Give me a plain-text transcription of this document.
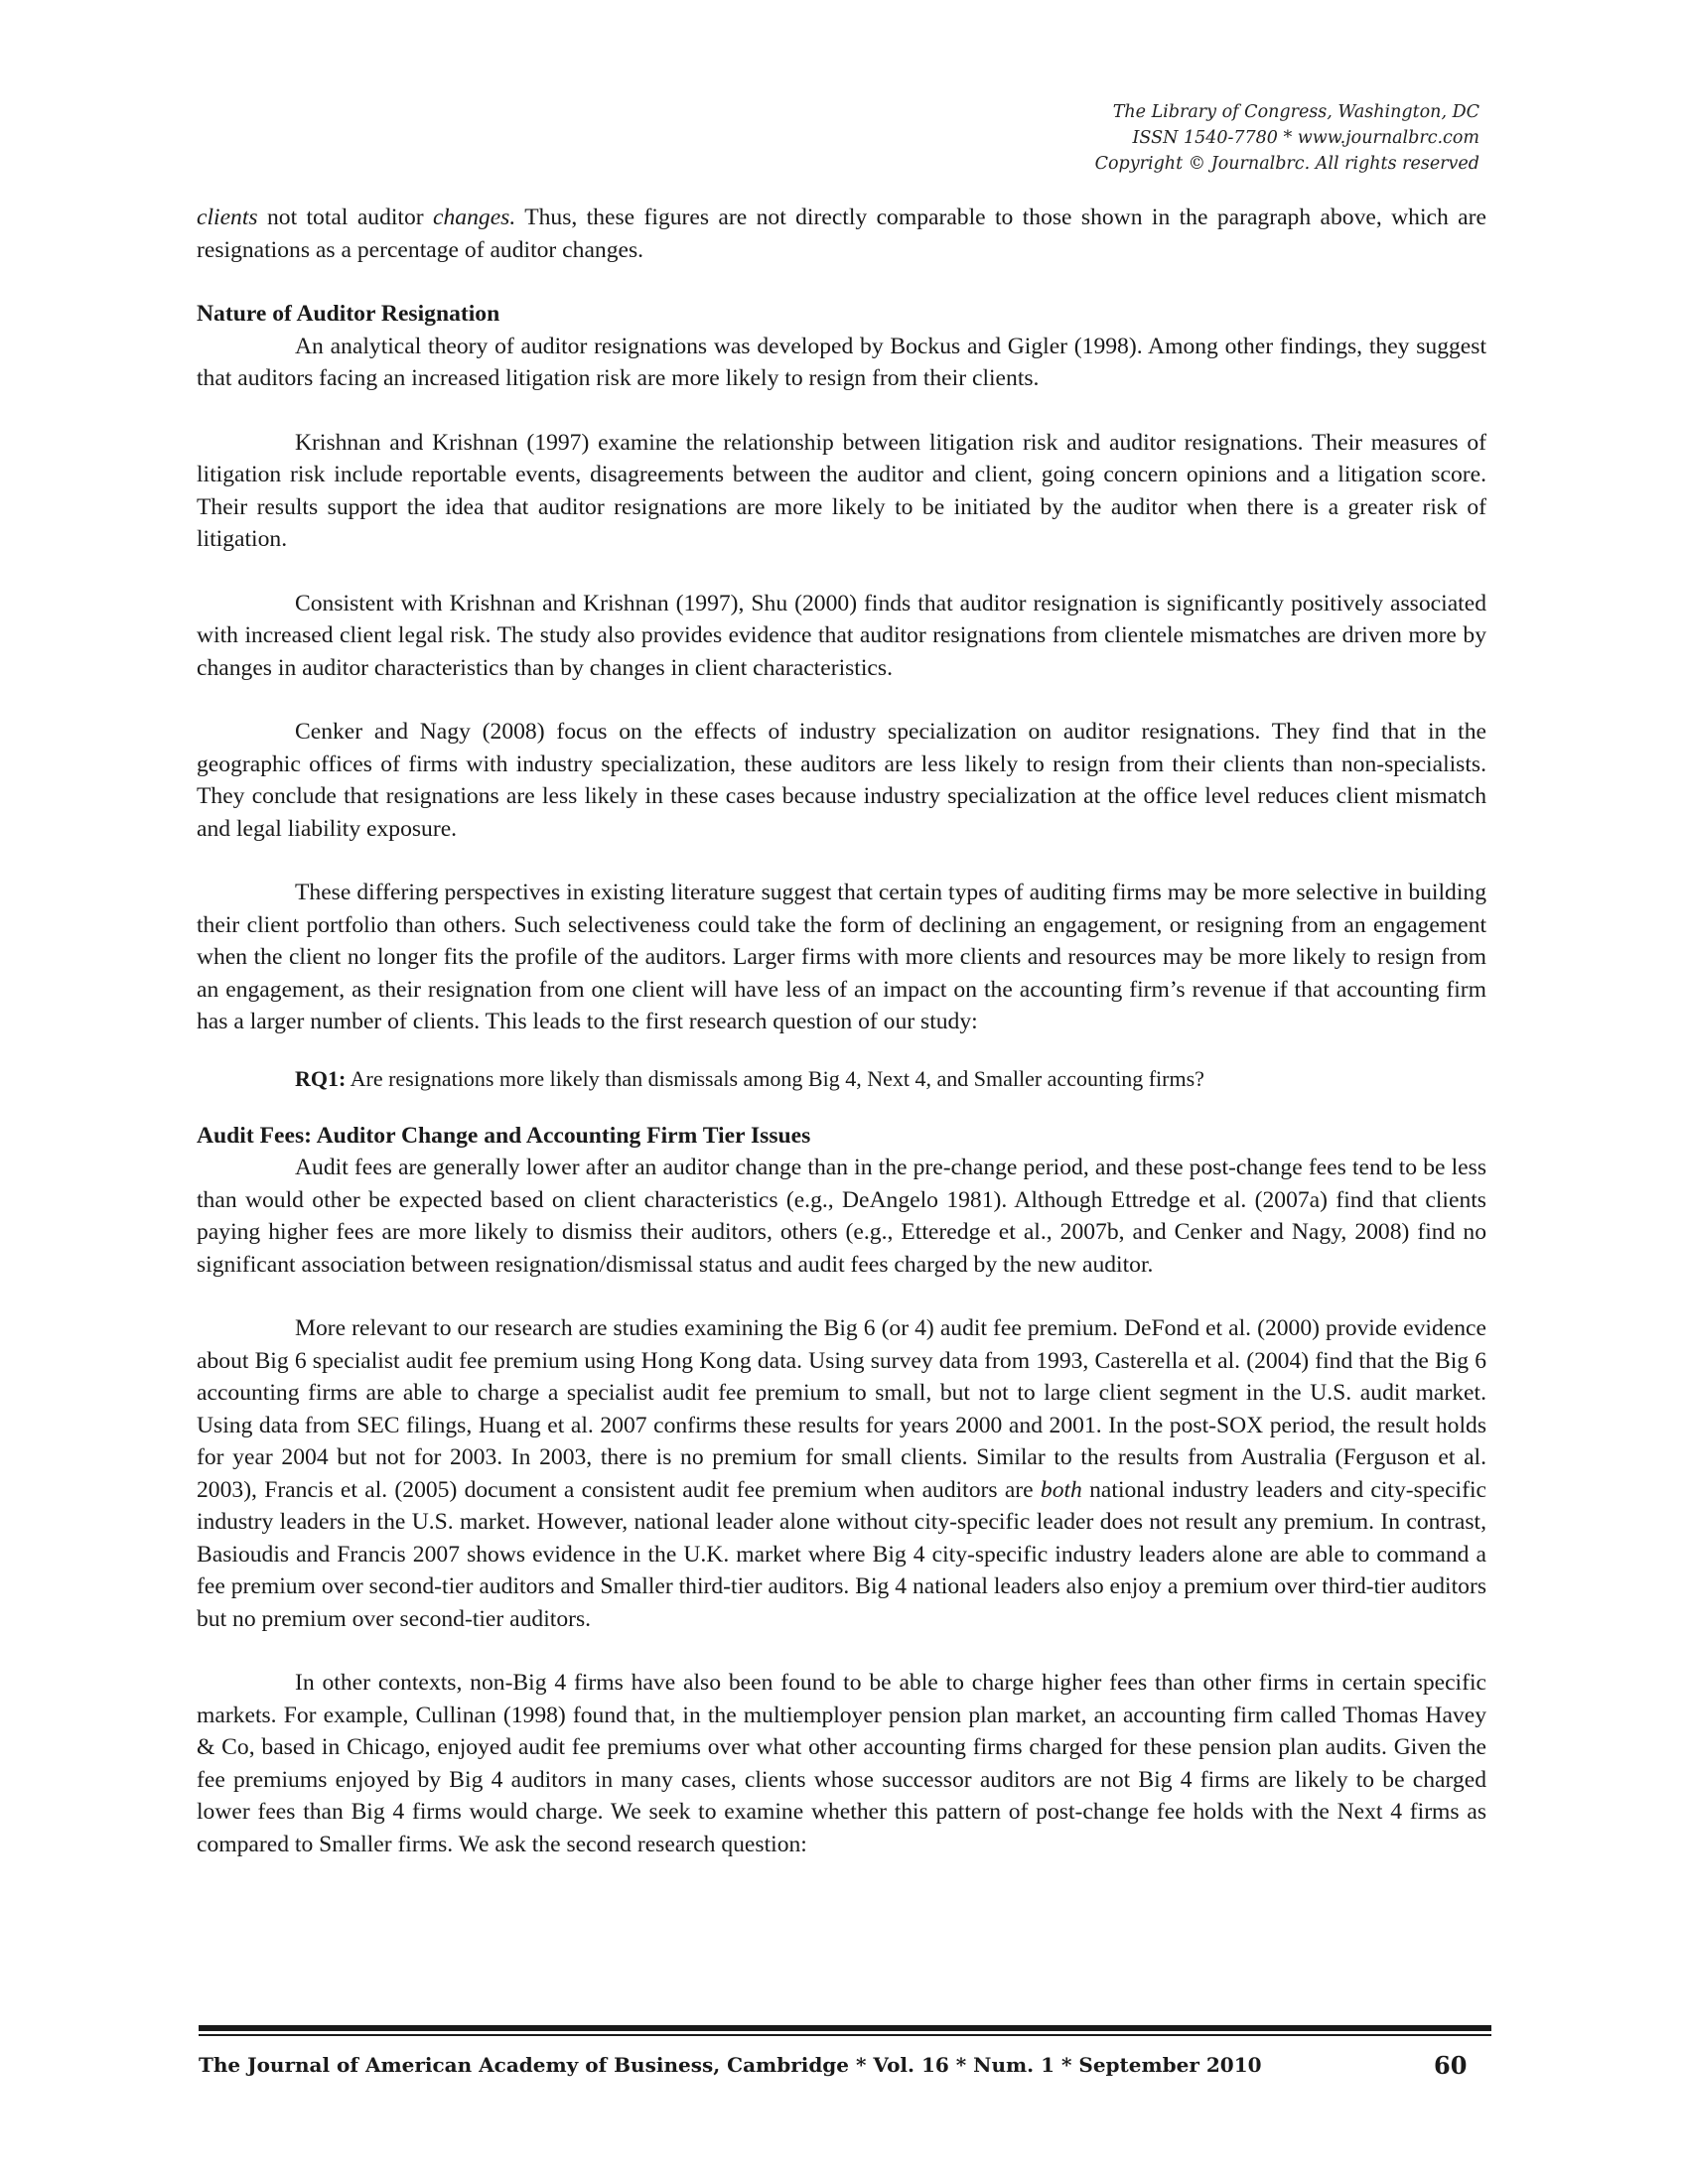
The Library of Congress, Washington, DC
ISSN 1540-7780 * www.journalbrc.com
Copyright © Journalbrc. All rights reserved

clients not total auditor changes. Thus, these figures are not directly comparable to those shown in the paragraph above, which are resignations as a percentage of auditor changes.

Nature of Auditor Resignation

An analytical theory of auditor resignations was developed by Bockus and Gigler (1998). Among other findings, they suggest that auditors facing an increased litigation risk are more likely to resign from their clients.

Krishnan and Krishnan (1997) examine the relationship between litigation risk and auditor resignations. Their measures of litigation risk include reportable events, disagreements between the auditor and client, going concern opinions and a litigation score. Their results support the idea that auditor resignations are more likely to be initiated by the auditor when there is a greater risk of litigation.

Consistent with Krishnan and Krishnan (1997), Shu (2000) finds that auditor resignation is significantly positively associated with increased client legal risk. The study also provides evidence that auditor resignations from clientele mismatches are driven more by changes in auditor characteristics than by changes in client characteristics.

Cenker and Nagy (2008) focus on the effects of industry specialization on auditor resignations. They find that in the geographic offices of firms with industry specialization, these auditors are less likely to resign from their clients than non-specialists. They conclude that resignations are less likely in these cases because industry specialization at the office level reduces client mismatch and legal liability exposure.

These differing perspectives in existing literature suggest that certain types of auditing firms may be more selective in building their client portfolio than others. Such selectiveness could take the form of declining an engagement, or resigning from an engagement when the client no longer fits the profile of the auditors. Larger firms with more clients and resources may be more likely to resign from an engagement, as their resignation from one client will have less of an impact on the accounting firm’s revenue if that accounting firm has a larger number of clients. This leads to the first research question of our study:

RQ1: Are resignations more likely than dismissals among Big 4, Next 4, and Smaller accounting firms?

Audit Fees: Auditor Change and Accounting Firm Tier Issues

Audit fees are generally lower after an auditor change than in the pre-change period, and these post-change fees tend to be less than would other be expected based on client characteristics (e.g., DeAngelo 1981). Although Ettredge et al. (2007a) find that clients paying higher fees are more likely to dismiss their auditors, others (e.g., Etteredge et al., 2007b, and Cenker and Nagy, 2008) find no significant association between resignation/dismissal status and audit fees charged by the new auditor.

More relevant to our research are studies examining the Big 6 (or 4) audit fee premium. DeFond et al. (2000) provide evidence about Big 6 specialist audit fee premium using Hong Kong data. Using survey data from 1993, Casterella et al. (2004) find that the Big 6 accounting firms are able to charge a specialist audit fee premium to small, but not to large client segment in the U.S. audit market. Using data from SEC filings, Huang et al. 2007 confirms these results for years 2000 and 2001. In the post-SOX period, the result holds for year 2004 but not for 2003. In 2003, there is no premium for small clients. Similar to the results from Australia (Ferguson et al. 2003), Francis et al. (2005) document a consistent audit fee premium when auditors are both national industry leaders and city-specific industry leaders in the U.S. market. However, national leader alone without city-specific leader does not result any premium. In contrast, Basioudis and Francis 2007 shows evidence in the U.K. market where Big 4 city-specific industry leaders alone are able to command a fee premium over second-tier auditors and Smaller third-tier auditors. Big 4 national leaders also enjoy a premium over third-tier auditors but no premium over second-tier auditors.

In other contexts, non-Big 4 firms have also been found to be able to charge higher fees than other firms in certain specific markets. For example, Cullinan (1998) found that, in the multiemployer pension plan market, an accounting firm called Thomas Havey & Co, based in Chicago, enjoyed audit fee premiums over what other accounting firms charged for these pension plan audits. Given the fee premiums enjoyed by Big 4 auditors in many cases, clients whose successor auditors are not Big 4 firms are likely to be charged lower fees than Big 4 firms would charge. We seek to examine whether this pattern of post-change fee holds with the Next 4 firms as compared to Smaller firms. We ask the second research question:

The Journal of American Academy of Business, Cambridge * Vol. 16 * Num. 1 * September 2010	60
